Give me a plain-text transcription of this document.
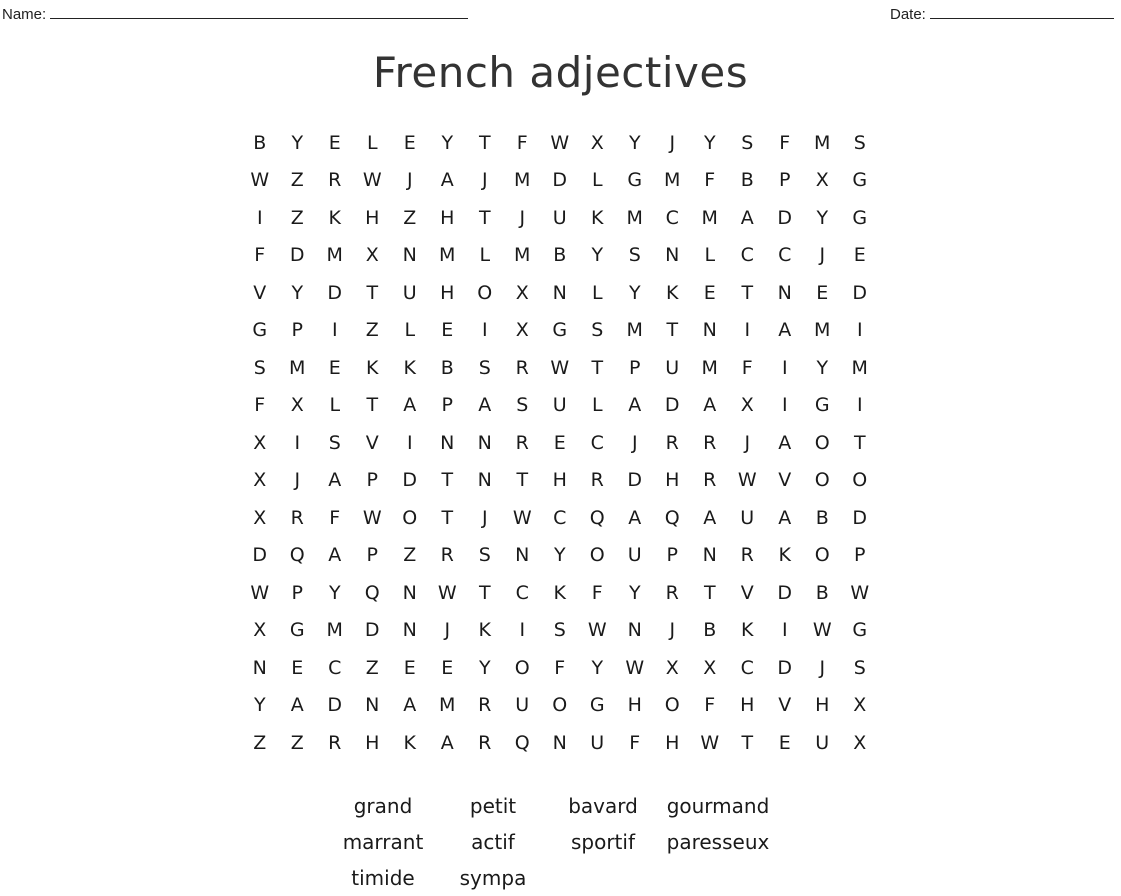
Name:	Date:
French adjectives
B	Y	E	L	E	Y	T	F	W	X	Y	J	Y	S	F	M	S
W	Z	R	W	J	A	J	M	D	L	G	M	F	B	P	X	G
I	Z	K	H	Z	H	T	J	U	K	M	C	M	A	D	Y	G
F	D	M	X	N	M	L	M	B	Y	S	N	L	C	C	J	E
V	Y	D	T	U	H	O	X	N	L	Y	K	E	T	N	E	D
G	P	I	Z	L	E	I	X	G	S	M	T	N	I	A	M	I
S	M	E	K	K	B	S	R	W	T	P	U	M	F	I	Y	M
F	X	L	T	A	P	A	S	U	L	A	D	A	X	I	G	I
X	I	S	V	I	N	N	R	E	C	J	R	R	J	A	O	T
X	J	A	P	D	T	N	T	H	R	D	H	R	W	V	O	O
X	R	F	W	O	T	J	W	C	Q	A	Q	A	U	A	B	D
D	Q	A	P	Z	R	S	N	Y	O	U	P	N	R	K	O	P
W	P	Y	Q	N	W	T	C	K	F	Y	R	T	V	D	B	W
X	G	M	D	N	J	K	I	S	W	N	J	B	K	I	W	G
N	E	C	Z	E	E	Y	O	F	Y	W	X	X	C	D	J	S
Y	A	D	N	A	M	R	U	O	G	H	O	F	H	V	H	X
Z	Z	R	H	K	A	R	Q	N	U	F	H	W	T	E	U	X
grand	petit	bavard	gourmand
marrant	actif	sportif	paresseux
timide	sympa
